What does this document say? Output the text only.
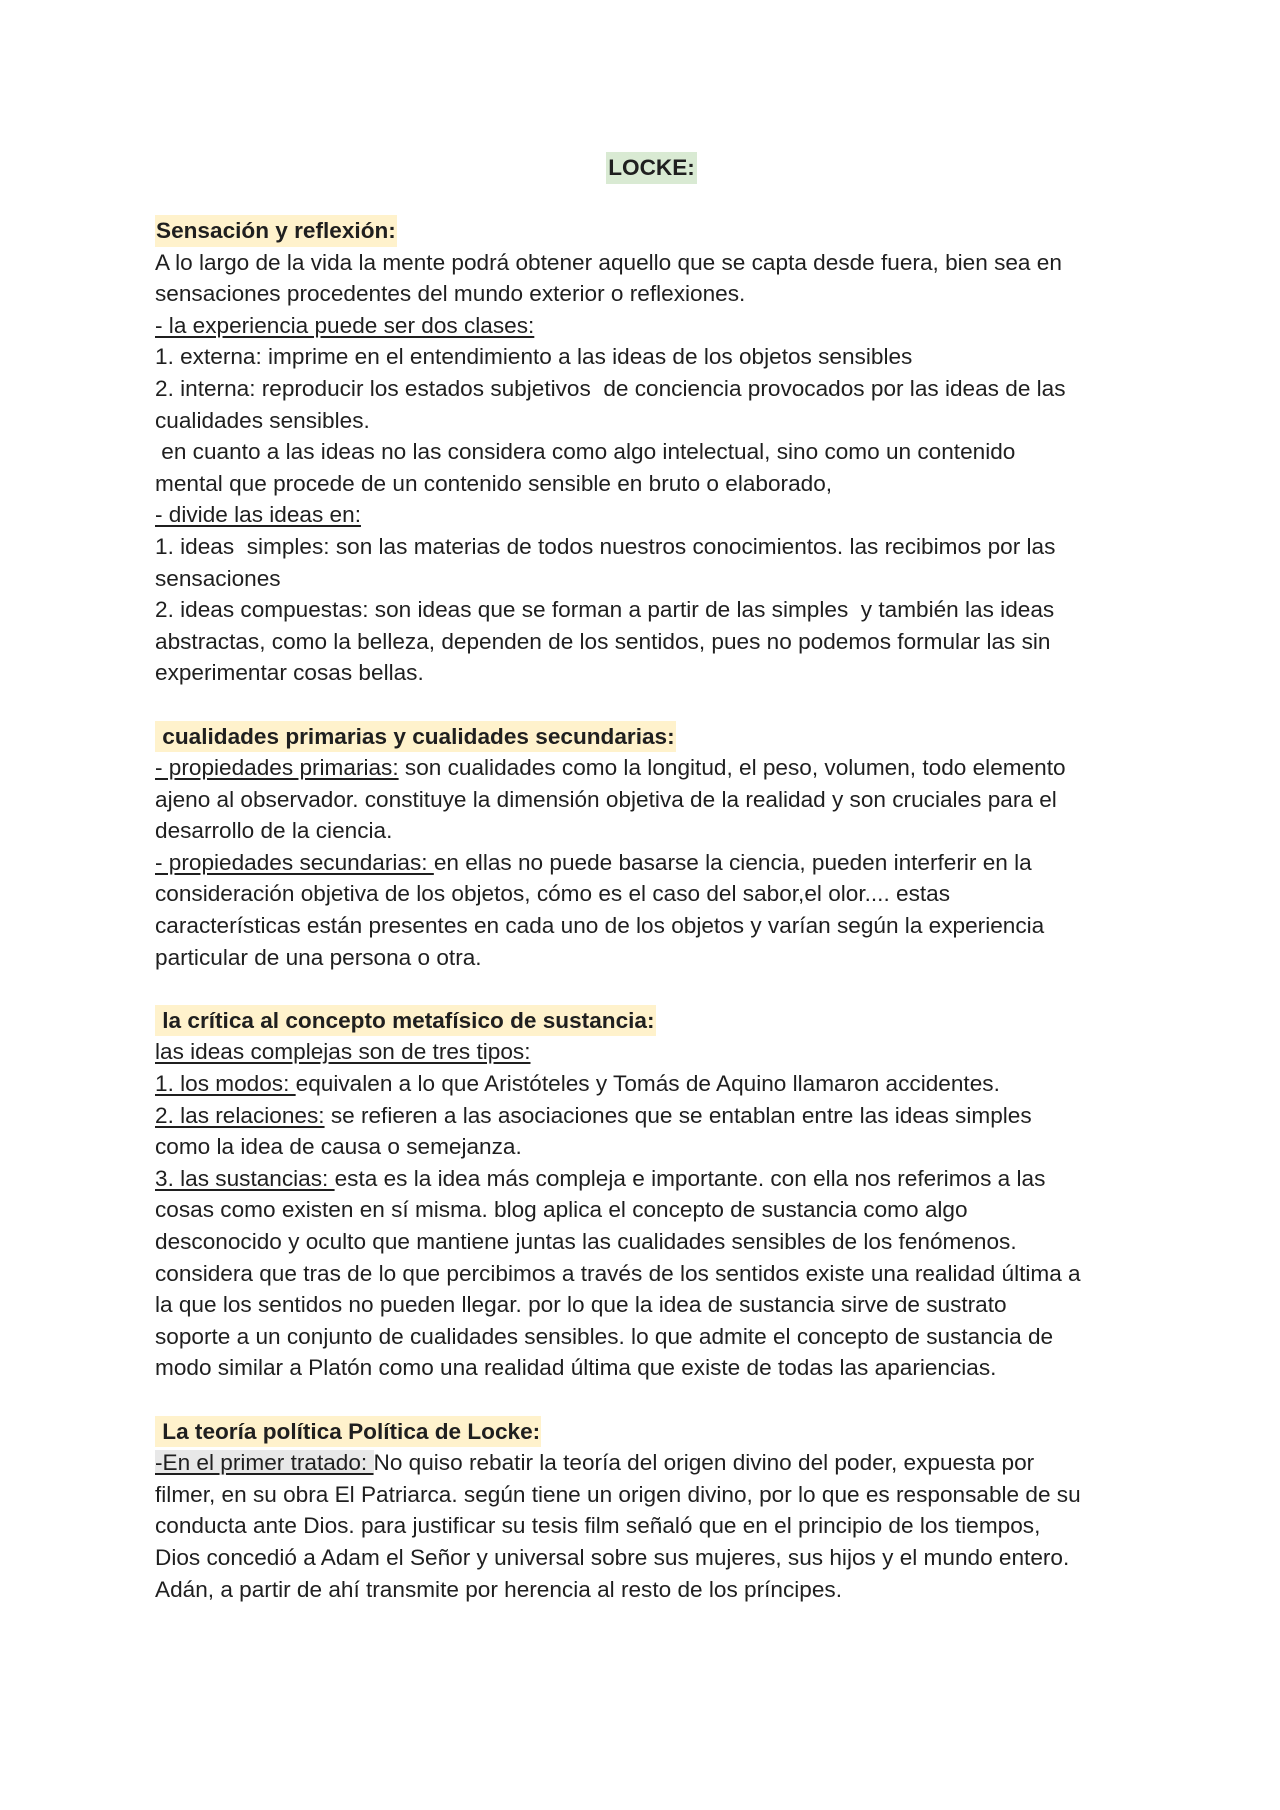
LOCKE:
Sensación y reflexión:
A lo largo de la vida la mente podrá obtener aquello que se capta desde fuera, bien sea en
sensaciones procedentes del mundo exterior o reflexiones.
- la experiencia puede ser dos clases:
1. externa: imprime en el entendimiento a las ideas de los objetos sensibles
2. interna: reproducir los estados subjetivos  de conciencia provocados por las ideas de las
cualidades sensibles.
en cuanto a las ideas no las considera como algo intelectual, sino como un contenido
mental que procede de un contenido sensible en bruto o elaborado,
- divide las ideas en:
1. ideas  simples: son las materias de todos nuestros conocimientos. las recibimos por las
sensaciones
2. ideas compuestas: son ideas que se forman a partir de las simples  y también las ideas
abstractas, como la belleza, dependen de los sentidos, pues no podemos formular las sin
experimentar cosas bellas.
cualidades primarias y cualidades secundarias:
- propiedades primarias: son cualidades como la longitud, el peso, volumen, todo elemento
ajeno al observador. constituye la dimensión objetiva de la realidad y son cruciales para el
desarrollo de la ciencia.
- propiedades secundarias: en ellas no puede basarse la ciencia, pueden interferir en la
consideración objetiva de los objetos, cómo es el caso del sabor,el olor.... estas
características están presentes en cada uno de los objetos y varían según la experiencia
particular de una persona o otra.
la crítica al concepto metafísico de sustancia:
las ideas complejas son de tres tipos:
1. los modos: equivalen a lo que Aristóteles y Tomás de Aquino llamaron accidentes.
2. las relaciones: se refieren a las asociaciones que se entablan entre las ideas simples
como la idea de causa o semejanza.
3. las sustancias: esta es la idea más compleja e importante. con ella nos referimos a las
cosas como existen en sí misma. blog aplica el concepto de sustancia como algo
desconocido y oculto que mantiene juntas las cualidades sensibles de los fenómenos.
considera que tras de lo que percibimos a través de los sentidos existe una realidad última a
la que los sentidos no pueden llegar. por lo que la idea de sustancia sirve de sustrato
soporte a un conjunto de cualidades sensibles. lo que admite el concepto de sustancia de
modo similar a Platón como una realidad última que existe de todas las apariencias.
La teoría política Política de Locke:
-En el primer tratado: No quiso rebatir la teoría del origen divino del poder, expuesta por
filmer, en su obra El Patriarca. según tiene un origen divino, por lo que es responsable de su
conducta ante Dios. para justificar su tesis film señaló que en el principio de los tiempos,
Dios concedió a Adam el Señor y universal sobre sus mujeres, sus hijos y el mundo entero.
Adán, a partir de ahí transmite por herencia al resto de los príncipes.
